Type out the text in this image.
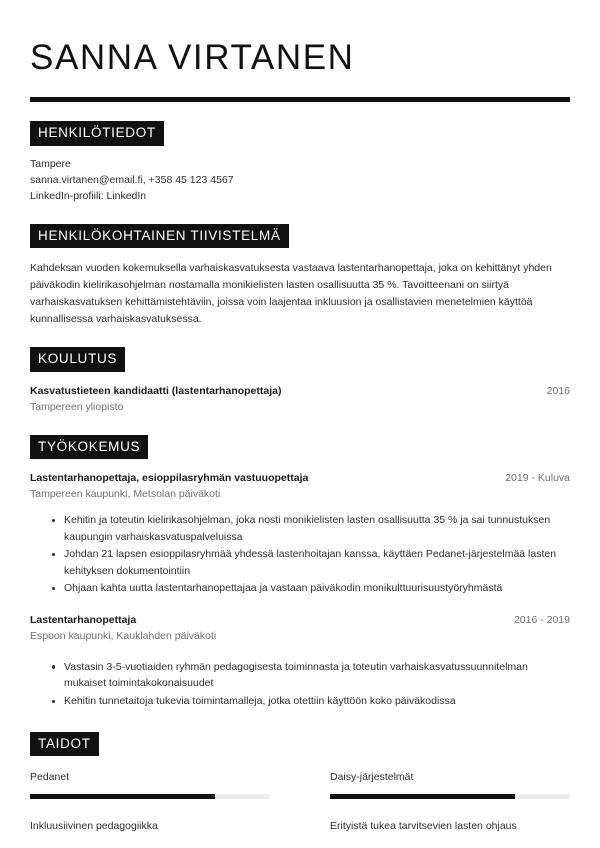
SANNA VIRTANEN
HENKILÖTIEDOT
Tampere
sanna.virtanen@email.fi, +358 45 123 4567
LinkedIn-profiili: LinkedIn
HENKILÖKOHTAINEN TIIVISTELMÄ

Kahdeksan vuoden kokemuksella varhaiskasvatuksesta vastaava lastentarhanopettaja, joka on kehittänyt yhden päiväkodin kielirikasohjelman nostamalla monikielisten lasten osallisuutta 35 %. Tavoitteenani on siirtyä varhaiskasvatuksen kehittämistehtäviin, joissa voin laajentaa inkluusion ja osallistavien menetelmien käyttöä kunnallisessa varhaiskasvatuksessa.

KOULUTUS
Kasvatustieteen kandidaatti (lastentarhanopettaja)	2016
Tampereen yliopisto
TYÖKOKEMUS
Lastentarhanopettaja, esioppilasryhmän vastuuopettaja	2019 - Kuluva
Tampereen kaupunki, Metsolan päiväkoti
Kehitin ja toteutin kielirikasohjelman, joka nosti monikielisten lasten osallisuutta 35 % ja sai tunnustuksen kaupungin varhaiskasvatuspalveluissa
Johdan 21 lapsen esioppilasryhmää yhdessä lastenhoitajan kanssa, käyttäen Pedanet-järjestelmää lasten kehityksen dokumentointiin
Ohjaan kahta uutta lastentarhanopettajaa ja vastaan päiväkodin monikulttuurisuustyöryhmästä
Lastentarhanopettaja	2016 - 2019
Espoon kaupunki, Kauklahden päiväkoti
Vastasin 3-5-vuotiaiden ryhmän pedagogisesta toiminnasta ja toteutin varhaiskasvatussuunnitelman mukaiset toimintakokonaisuudet
Kehitin tunnetaitoja tukevia toimintamalleja, jotka otettiin käyttöön koko päiväkodissa
TAIDOT
Pedanet	Daisy-järjestelmät
Inkluusiivinen pedagogiikka	Erityistä tukea tarvitsevien lasten ohjaus
